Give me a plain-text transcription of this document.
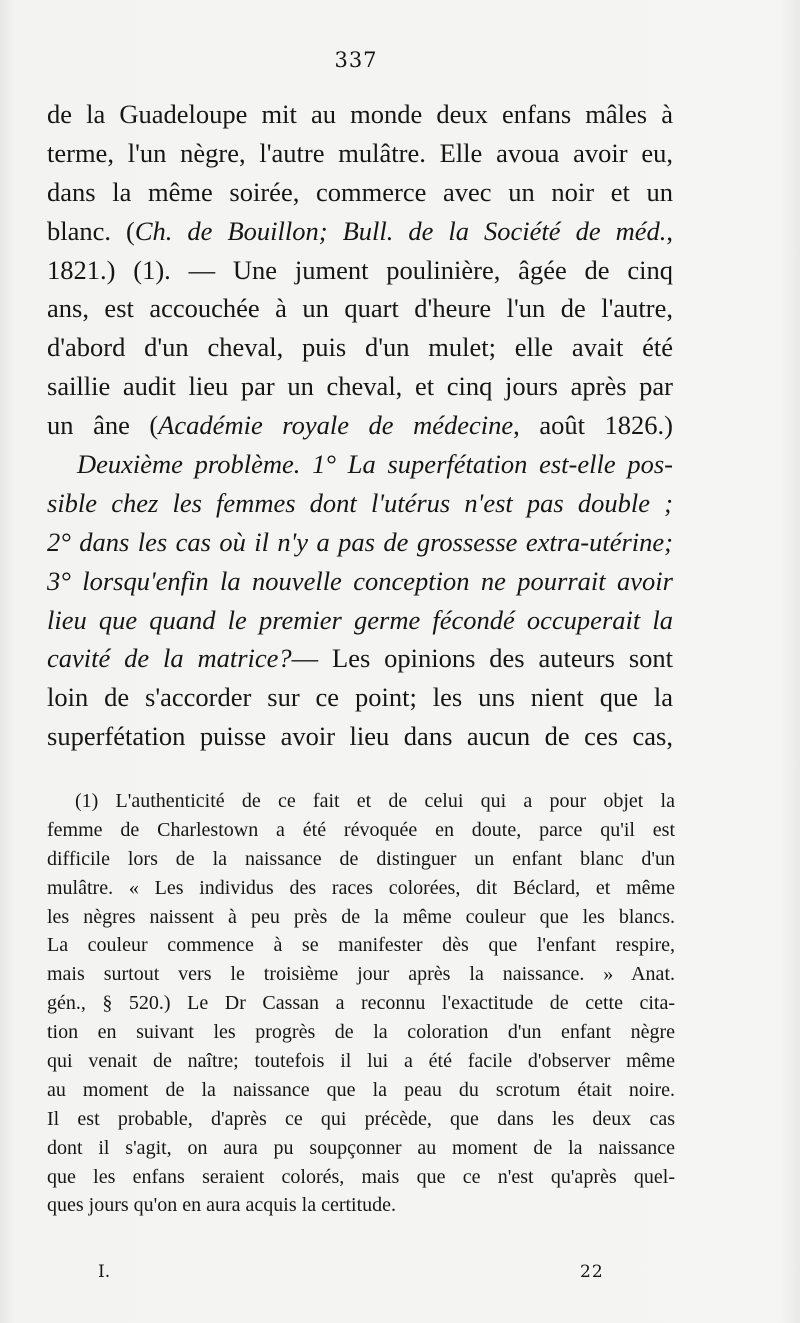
337
de la Guadeloupe mit au monde deux enfans mâles à
terme, l'un nègre, l'autre mulâtre. Elle avoua avoir eu,
dans la même soirée, commerce avec un noir et un
blanc. (Ch. de Bouillon; Bull. de la Société de méd.,
1821.) (1). — Une jument poulinière, âgée de cinq
ans, est accouchée à un quart d'heure l'un de l'autre,
d'abord d'un cheval, puis d'un mulet; elle avait été
saillie audit lieu par un cheval, et cinq jours après par
un âne (Académie royale de médecine, août 1826.)
Deuxième problème. 1° La superfétation est-elle pos-
sible chez les femmes dont l'utérus n'est pas double ;
2° dans les cas où il n'y a pas de grossesse extra-utérine;
3° lorsqu'enfin la nouvelle conception ne pourrait avoir
lieu que quand le premier germe fécondé occuperait la
cavité de la matrice?— Les opinions des auteurs sont
loin de s'accorder sur ce point; les uns nient que la
superfétation puisse avoir lieu dans aucun de ces cas,
(1) L'authenticité de ce fait et de celui qui a pour objet la
femme de Charlestown a été révoquée en doute, parce qu'il est
difficile lors de la naissance de distinguer un enfant blanc d'un
mulâtre. « Les individus des races colorées, dit Béclard, et même
les nègres naissent à peu près de la même couleur que les blancs.
La couleur commence à se manifester dès que l'enfant respire,
mais surtout vers le troisième jour après la naissance. » Anat.
gén., § 520.) Le Dr Cassan a reconnu l'exactitude de cette cita-
tion en suivant les progrès de la coloration d'un enfant nègre
qui venait de naître; toutefois il lui a été facile d'observer même
au moment de la naissance que la peau du scrotum était noire.
Il est probable, d'après ce qui précède, que dans les deux cas
dont il s'agit, on aura pu soupçonner au moment de la naissance
que les enfans seraient colorés, mais que ce n'est qu'après quel-
ques jours qu'on en aura acquis la certitude.
I.	22
